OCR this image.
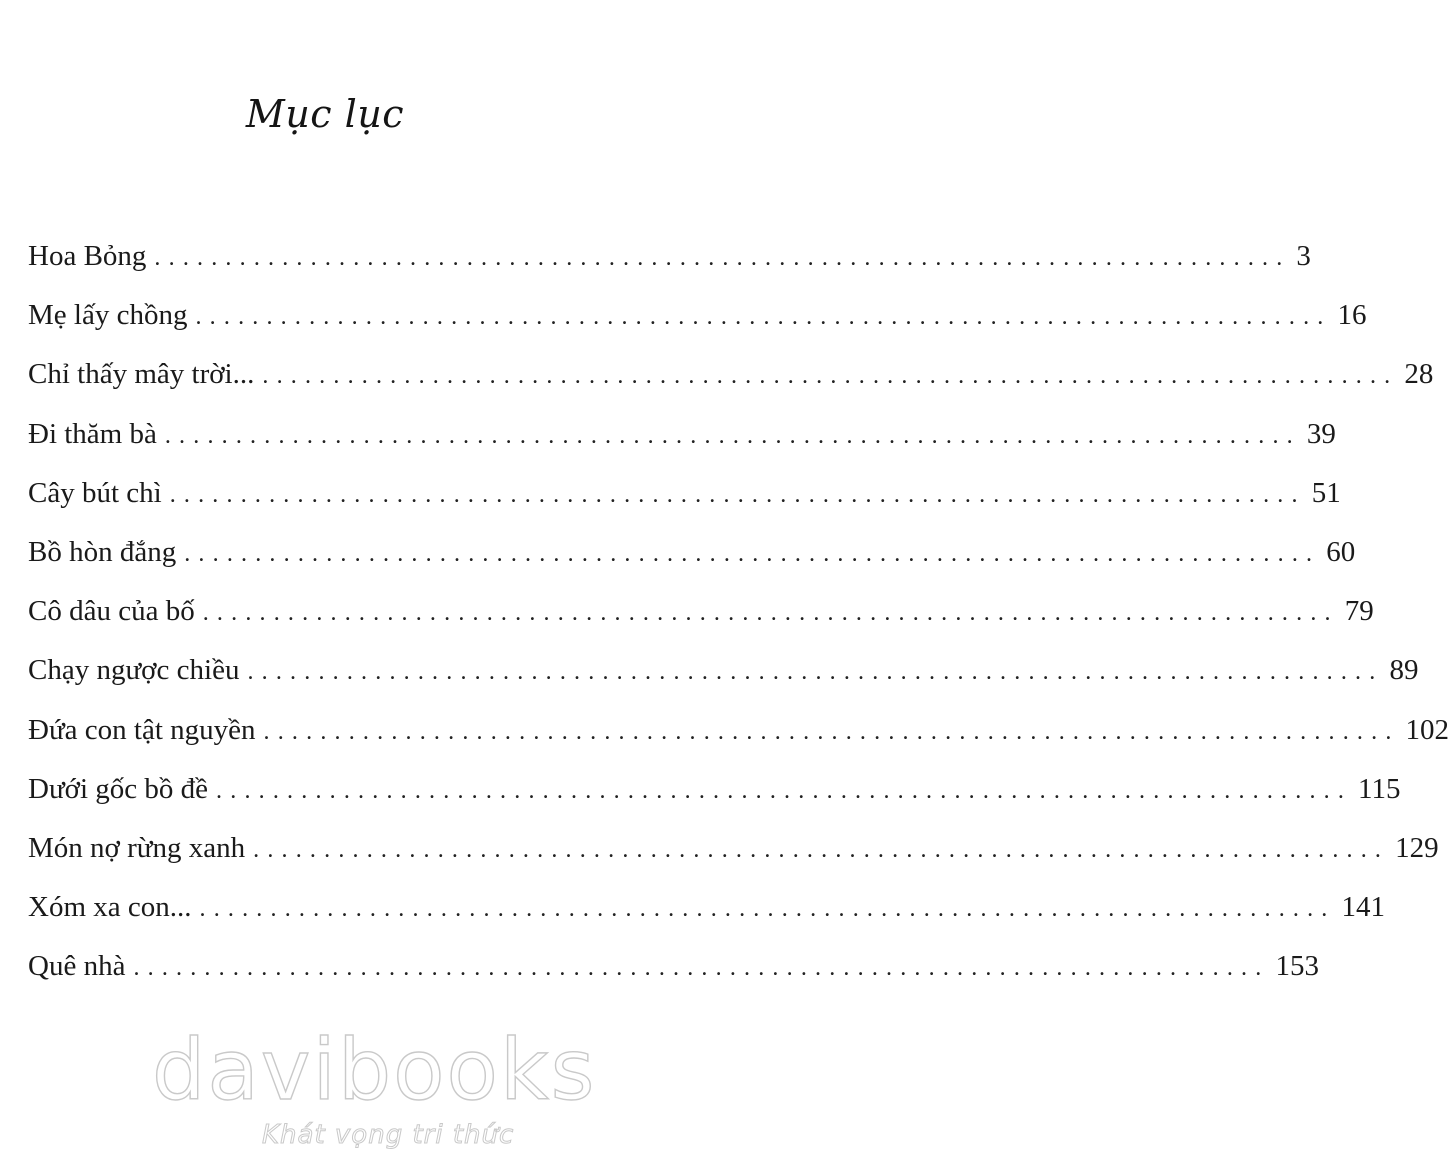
Mục lục
Hoa Bỏng ................................................................................ 3
Mẹ lấy chồng ................................................................................ 16
Chỉ thấy mây trời... ................................................................................ 28
Đi thăm bà ................................................................................ 39
Cây bút chì ................................................................................ 51
Bồ hòn đắng ................................................................................ 60
Cô dâu của bố ................................................................................ 79
Chạy ngược chiều ................................................................................ 89
Đứa con tật nguyền ................................................................................ 102
Dưới gốc bồ đề ................................................................................ 115
Món nợ rừng xanh ................................................................................ 129
Xóm xa con... ................................................................................ 141
Quê nhà ................................................................................ 153
davibooks
Khát vọng tri thức
